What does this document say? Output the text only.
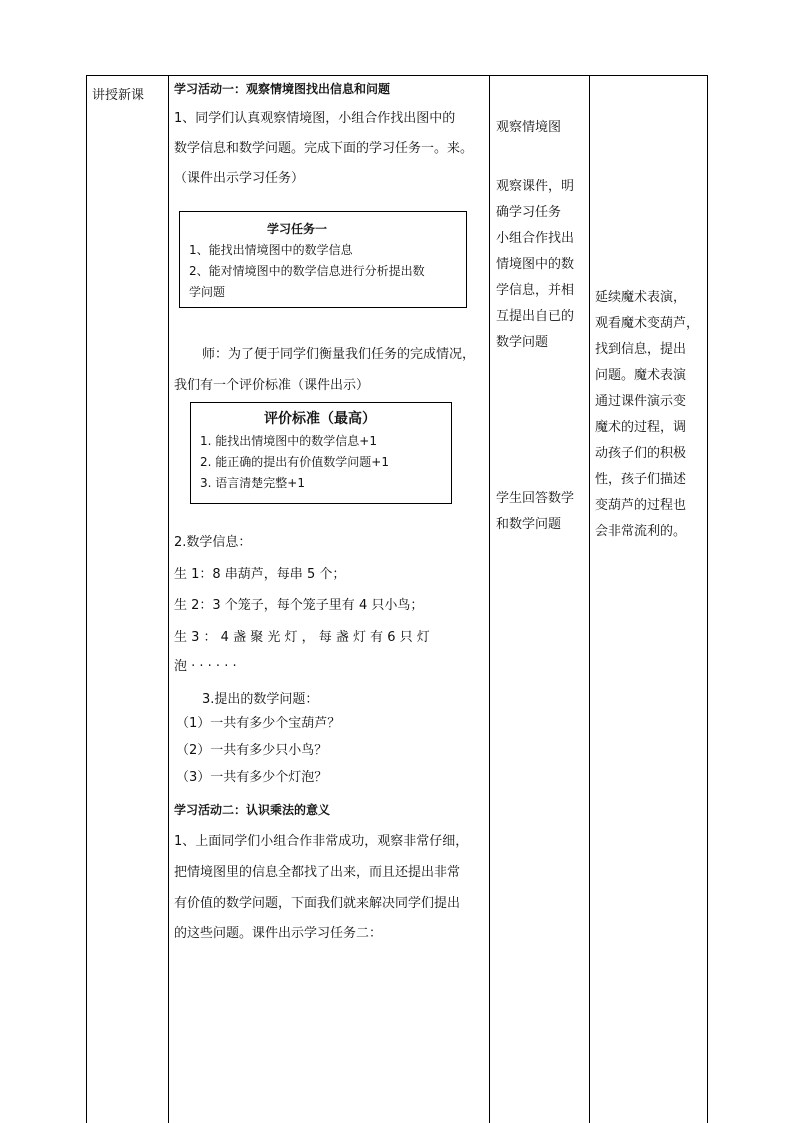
讲授新课 学习活动一：观察情境图找出信息和问题
1、同学们认真观察情境图，小组合作找出图中的
数学信息和数学问题。完成下面的学习任务一。来。
（课件出示学习任务）
学习任务一
1、能找出情境图中的数学信息
2、能对情境图中的数学信息进行分析提出数
学问题
师：为了便于同学们衡量我们任务的完成情况，
我们有一个评价标准（课件出示）
评价标准（最高）
1. 能找出情境图中的数学信息+1
2. 能正确的提出有价值数学问题+1
3. 语言清楚完整+1
2.数学信息：
生 1：8 串葫芦，每串 5 个；
生 2：3 个笼子，每个笼子里有 4 只小鸟；
生 3 ： 4 盏 聚 光 灯 ， 每 盏 灯 有 6 只 灯
泡 · · · · · ·
3.提出的数学问题：
（1）一共有多少个宝葫芦？
（2）一共有多少只小鸟？
（3）一共有多少个灯泡？
学习活动二：认识乘法的意义
1、上面同学们小组合作非常成功，观察非常仔细，
把情境图里的信息全都找了出来，而且还提出非常
有价值的数学问题，下面我们就来解决同学们提出
的这些问题。课件出示学习任务二：
观察情境图
观察课件，明
确学习任务
小组合作找出
情境图中的数
学信息，并相
互提出自已的
数学问题
学生回答数学
和数学问题
延续魔术表演，
观看魔术变葫芦，
找到信息，提出
问题。魔术表演
通过课件演示变
魔术的过程，调
动孩子们的积极
性，孩子们描述
变葫芦的过程也
会非常流利的。
